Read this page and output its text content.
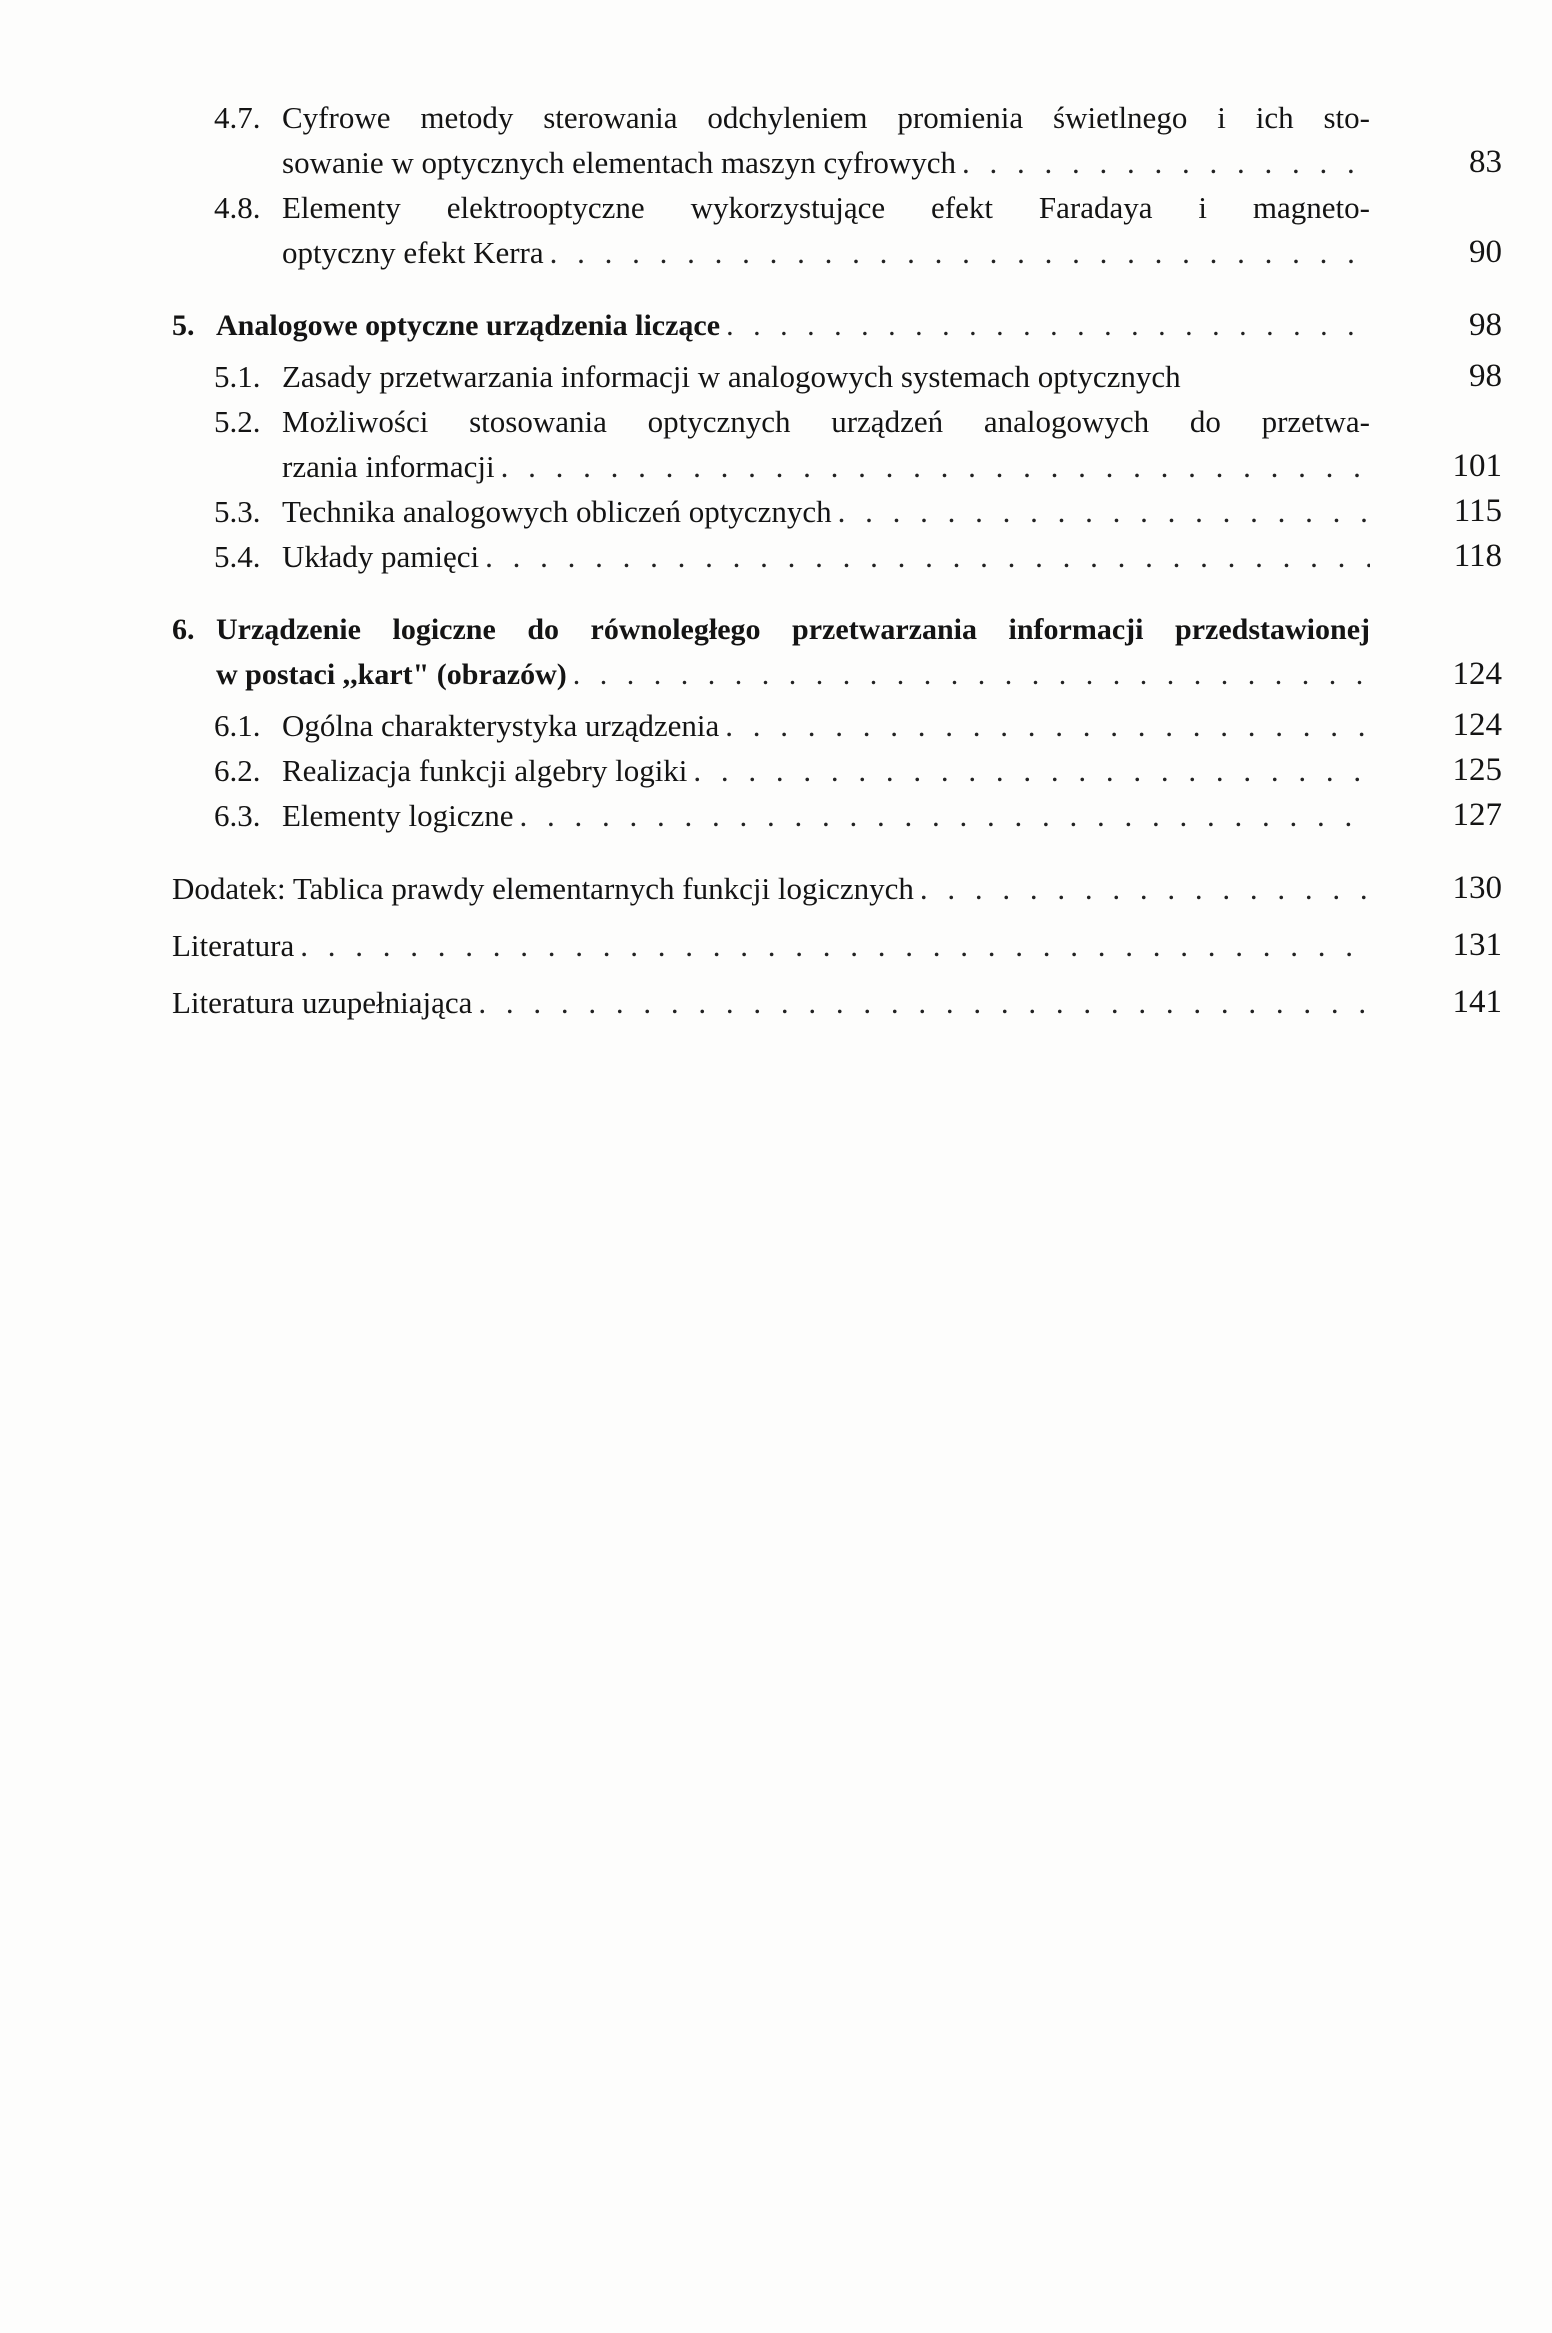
4.7. Cyfrowe metody sterowania odchyleniem promienia świetlnego i ich sto-
sowanie w optycznych elementach maszyn cyfrowych . . .	83
4.8. Elementy elektrooptyczne wykorzystujące efekt Faradaya i magneto-
optyczny efekt Kerra . . .	90
5. Analogowe optyczne urządzenia liczące . . .	98
5.1. Zasady przetwarzania informacji w analogowych systemach optycznych	98
5.2. Możliwości stosowania optycznych urządzeń analogowych do przetwa-
rzania informacji . . .	101
5.3. Technika analogowych obliczeń optycznych . . .	115
5.4. Układy pamięci . . .	118
6. Urządzenie logiczne do równoległego przetwarzania informacji przedstawionej
w postaci ,,kart" (obrazów) . . .	124
6.1. Ogólna charakterystyka urządzenia . . .	124
6.2. Realizacja funkcji algebry logiki . . .	125
6.3. Elementy logiczne . . .	127
Dodatek: Tablica prawdy elementarnych funkcji logicznych . . .	130
Literatura . . .	131
Literatura uzupełniająca . . .	141
